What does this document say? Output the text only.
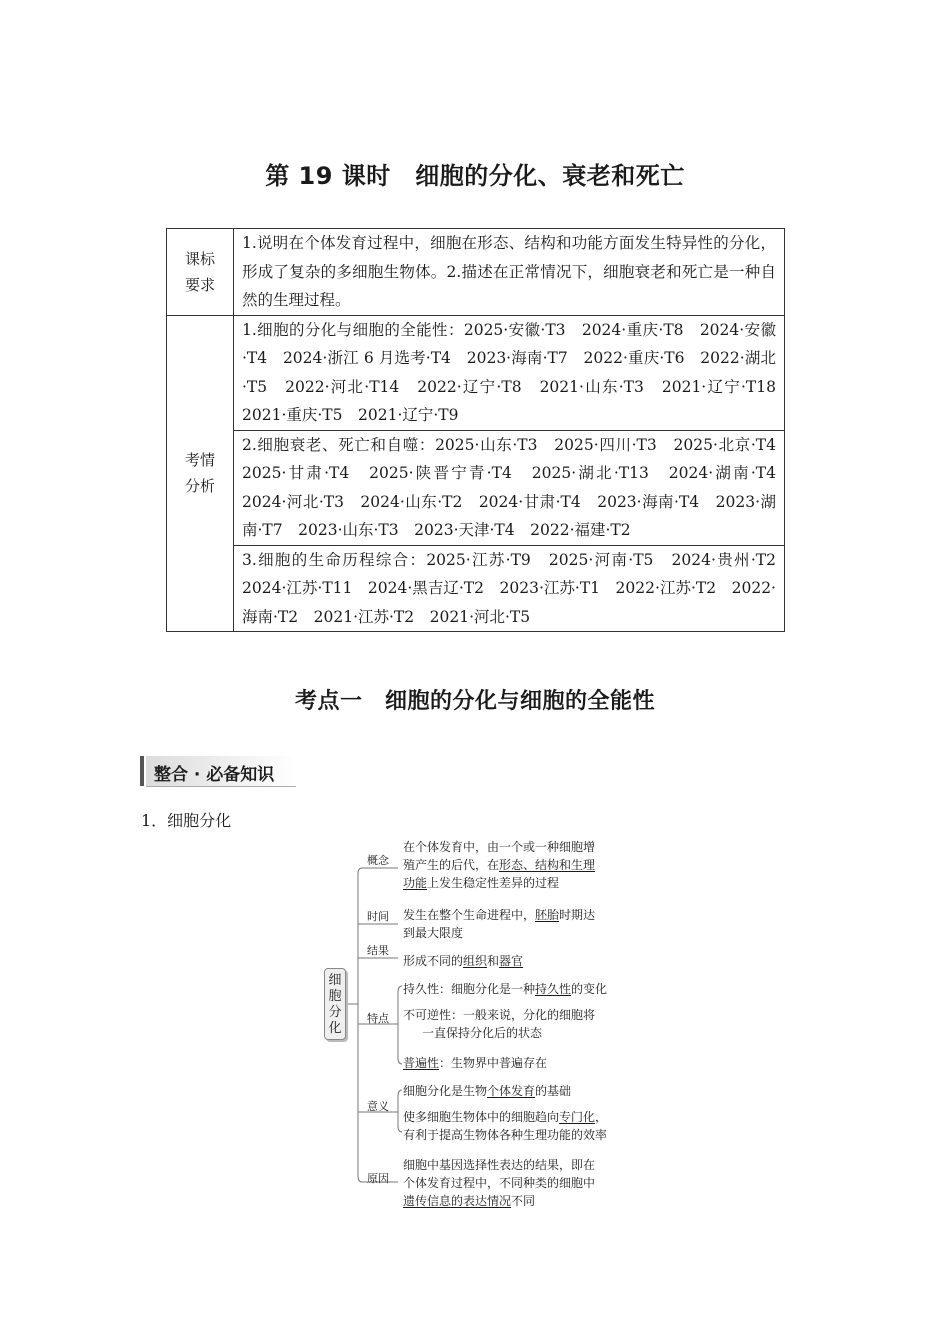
第 19 课时　细胞的分化、衰老和死亡
课标
要求	1.说明在个体发育过程中，细胞在形态、结构和功能方面发生特异性的分化，形成了复杂的多细胞生物体。2.描述在正常情况下，细胞衰老和死亡是一种自然的生理过程。

考情
分析	1.细胞的分化与细胞的全能性：2025·安徽·T3　2024·重庆·T8　2024·安徽·T4　2024·浙江 6 月选考·T4　2023·海南·T7　2022·重庆·T6　2022·湖北·T5　2022·河北·T14　2022·辽宁·T8　2021·山东·T3　2021·辽宁·T18　2021·重庆·T5　2021·辽宁·T9
	2.细胞衰老、死亡和自噬：2025·山东·T3　2025·四川·T3　2025·北京·T4　2025·甘肃·T4　2025·陕晋宁青·T4　2025·湖北·T13　2024·湖南·T4　2024·河北·T3　2024·山东·T2　2024·甘肃·T4　2023·海南·T4　2023·湖南·T7　2023·山东·T3　2023·天津·T4　2022·福建·T2
	3.细胞的生命历程综合：2025·江苏·T9　2025·河南·T5　2024·贵州·T2　2024·江苏·T11　2024·黑吉辽·T2　2023·江苏·T1　2022·江苏·T2　2022·海南·T2　2021·江苏·T2　2021·河北·T5
考点一　细胞的分化与细胞的全能性
整合 · 必备知识
1．细胞分化
细
胞
分
化
概念
在个体发育中，由一个或一种细胞增
殖产生的后代，在形态、结构和生理
功能上发生稳定性差异的过程
时间 发生在整个生命进程中，胚胎时期达
到最大限度
结果
形成不同的组织和器官
特点
持久性：细胞分化是一种持久性的变化
不可逆性：一般来说，分化的细胞将
一直保持分化后的状态
普遍性：生物界中普遍存在
意义
细胞分化是生物个体发育的基础
使多细胞生物体中的细胞趋向专门化，
有利于提高生物体各种生理功能的效率
原因
细胞中基因选择性表达的结果，即在
个体发育过程中，不同种类的细胞中
遗传信息的表达情况不同
